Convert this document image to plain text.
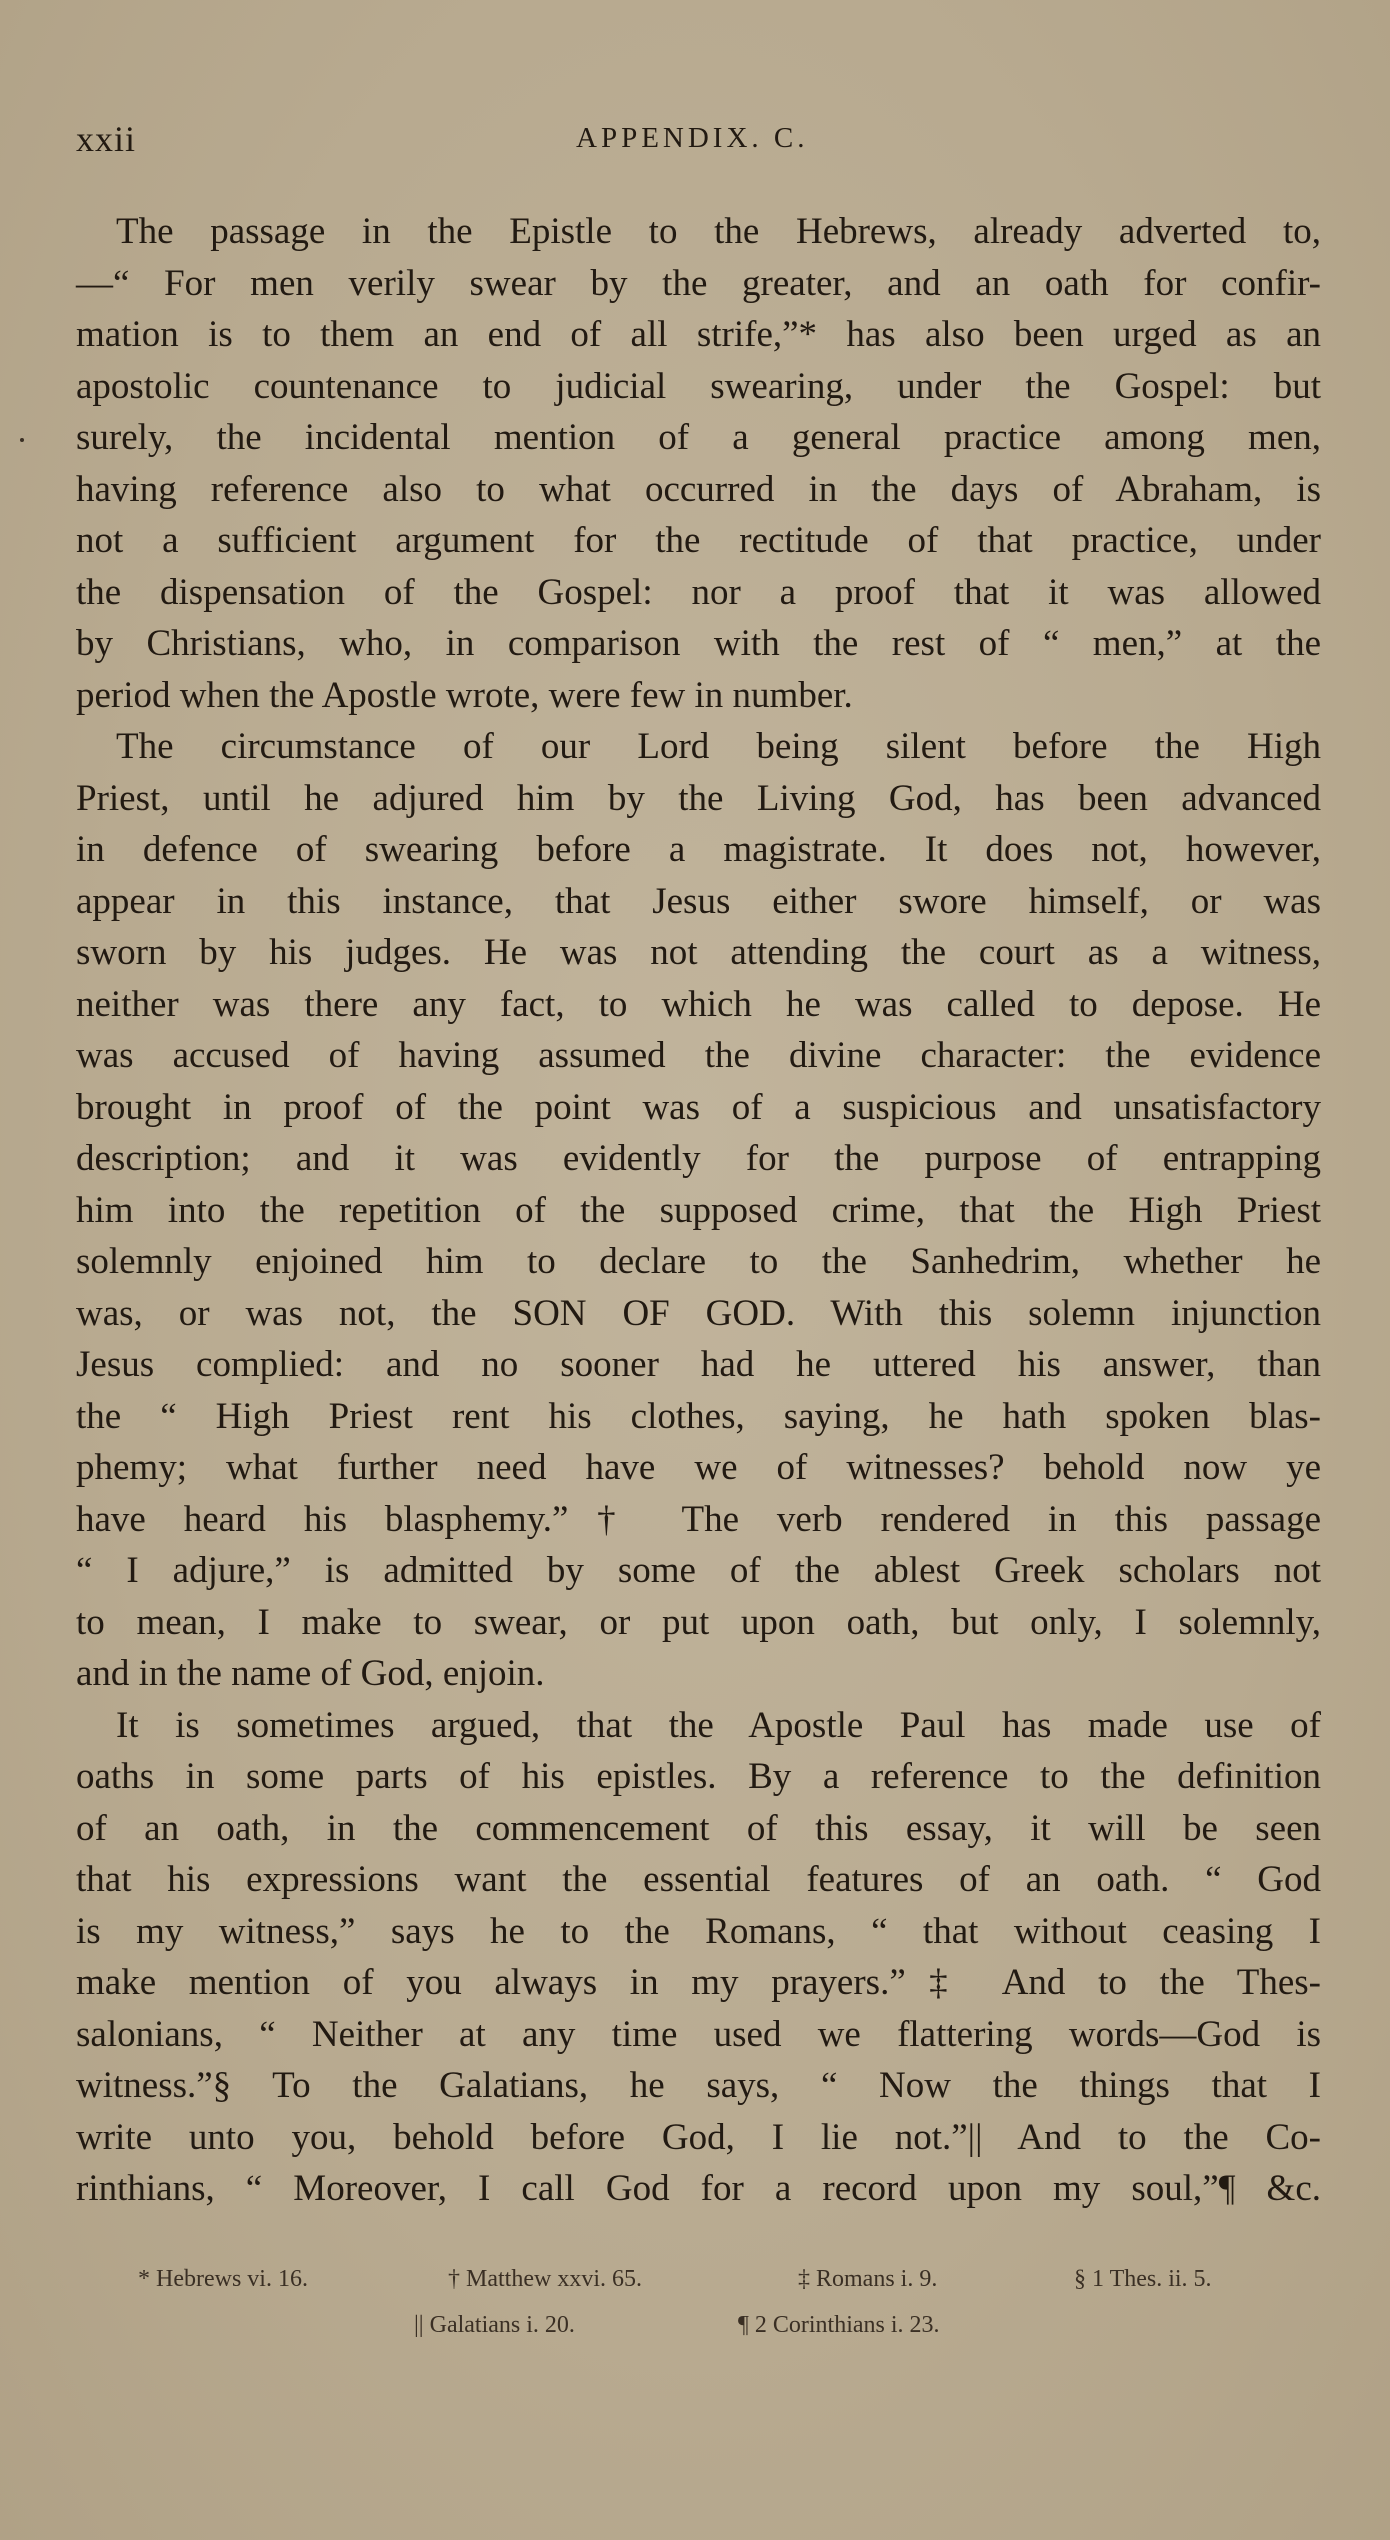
xxii	APPENDIX. C.
The passage in the Epistle to the Hebrews, already adverted to,
—“ For men verily swear by the greater, and an oath for confir-
mation is to them an end of all strife,”* has also been urged as an
apostolic countenance to judicial swearing, under the Gospel: but
surely, the incidental mention of a general practice among men,
having reference also to what occurred in the days of Abraham, is
not a sufficient argument for the rectitude of that practice, under
the dispensation of the Gospel: nor a proof that it was allowed
by Christians, who, in comparison with the rest of “ men,” at the
period when the Apostle wrote, were few in number.
The circumstance of our Lord being silent before the High
Priest, until he adjured him by the Living God, has been advanced
in defence of swearing before a magistrate. It does not, however,
appear in this instance, that Jesus either swore himself, or was
sworn by his judges. He was not attending the court as a witness,
neither was there any fact, to which he was called to depose. He
was accused of having assumed the divine character: the evidence
brought in proof of the point was of a suspicious and unsatisfactory
description; and it was evidently for the purpose of entrapping
him into the repetition of the supposed crime, that the High Priest
solemnly enjoined him to declare to the Sanhedrim, whether he
was, or was not, the SON OF GOD. With this solemn injunction
Jesus complied: and no sooner had he uttered his answer, than
the “ High Priest rent his clothes, saying, he hath spoken blas-
phemy; what further need have we of witnesses? behold now ye
have heard his blasphemy.”† The verb rendered in this passage
“ I adjure,” is admitted by some of the ablest Greek scholars not
to mean, I make to swear, or put upon oath, but only, I solemnly,
and in the name of God, enjoin.
It is sometimes argued, that the Apostle Paul has made use of
oaths in some parts of his epistles. By a reference to the definition
of an oath, in the commencement of this essay, it will be seen
that his expressions want the essential features of an oath. “ God
is my witness,” says he to the Romans, “ that without ceasing I
make mention of you always in my prayers.”‡ And to the Thes-
salonians, “ Neither at any time used we flattering words—God is
witness.”§ To the Galatians, he says, “ Now the things that I
write unto you, behold before God, I lie not.”|| And to the Co-
rinthians, “ Moreover, I call God for a record upon my soul,”¶ &c.
* Hebrews vi. 16.	† Matthew xxvi. 65.	‡ Romans i. 9.	§ 1 Thes. ii. 5.
|| Galatians i. 20.	¶ 2 Corinthians i. 23.
